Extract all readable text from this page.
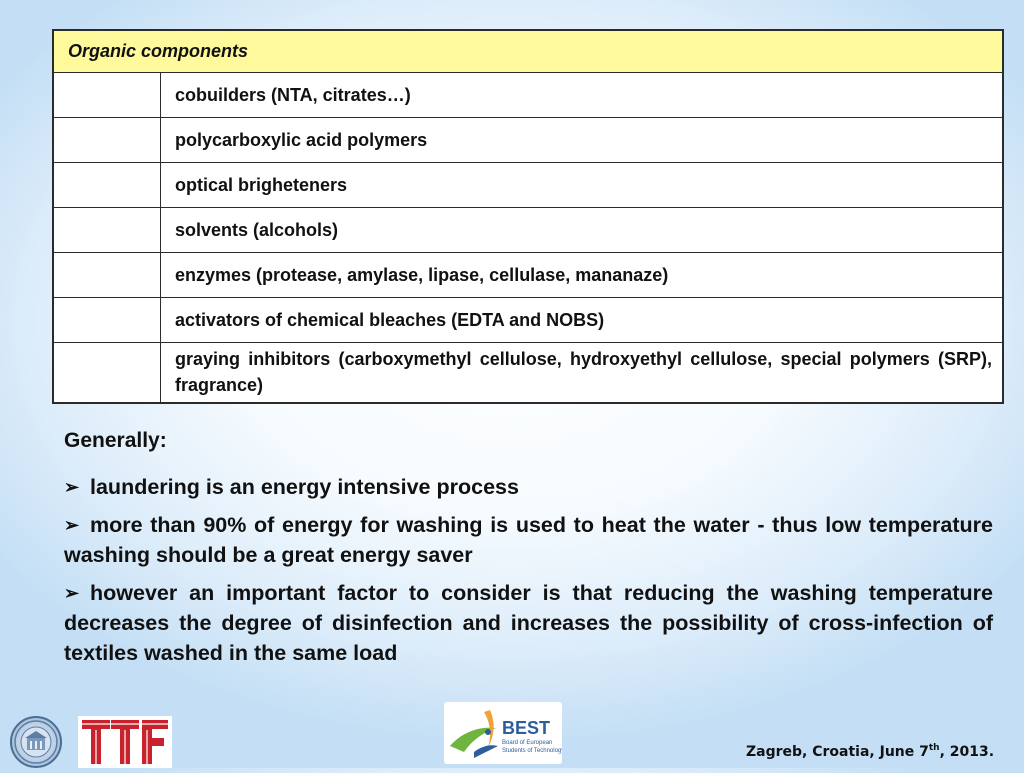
Organic components	
	cobuilders (NTA, citrates…)
	polycarboxylic acid polymers
	optical brigheteners
	solvents (alcohols)
	enzymes (protease, amylase, lipase, cellulase, mananaze)
	activators of chemical bleaches (EDTA and NOBS)
	graying inhibitors (carboxymethyl cellulose, hydroxyethyl cellulose, special polymers (SRP), fragrance)
Generally:
➢ laundering is an energy intensive process
➢ more than 90% of energy for washing is used to heat the water - thus low temperature washing should be a great energy saver
➢ however an important factor to consider is that reducing the washing temperature decreases the degree of disinfection and increases the possibility of cross-infection of textiles washed in the same load
BEST
Board of European
Students of Technology	Zagreb, Croatia, June 7th, 2013.
